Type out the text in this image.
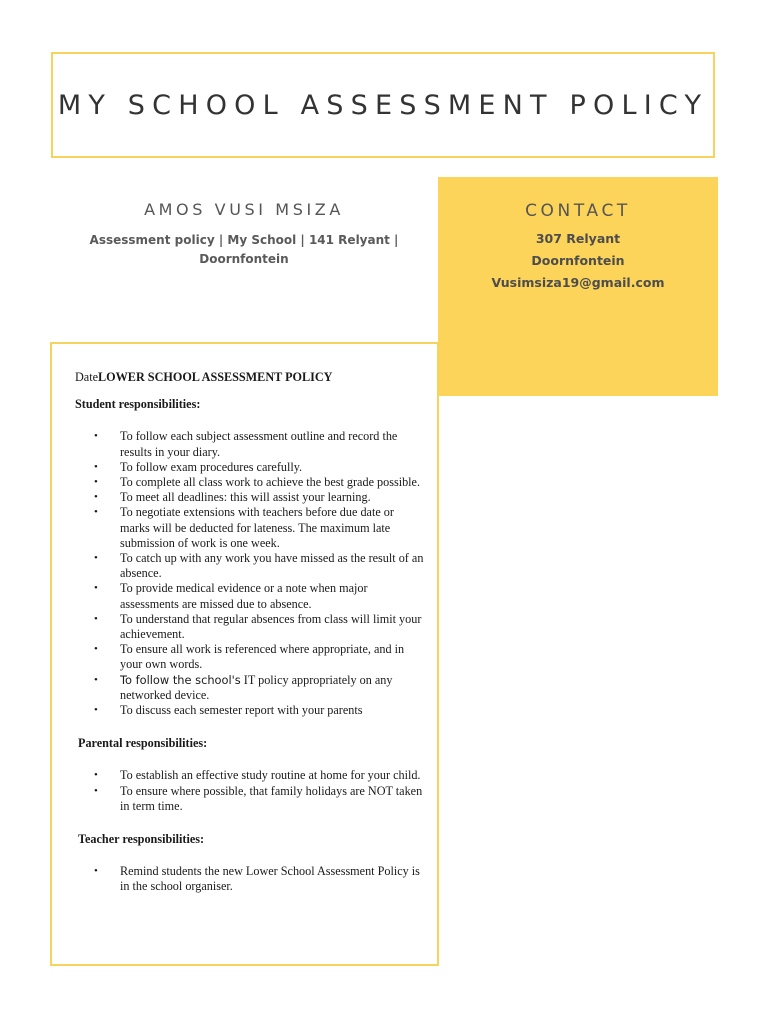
MY SCHOOL ASSESSMENT POLICY
AMOS VUSI MSIZA
Assessment policy | My School | 141 Relyant |
Doornfontein
CONTACT
307 Relyant
Doornfontein
Vusimsiza19@gmail.com
DateLOWER SCHOOL ASSESSMENT POLICY
Student responsibilities:
• To follow each subject assessment outline and record the results in your diary.
• To follow exam procedures carefully.
• To complete all class work to achieve the best grade possible.
• To meet all deadlines: this will assist your learning.
• To negotiate extensions with teachers before due date or marks will be deducted for lateness. The maximum late submission of work is one week.
• To catch up with any work you have missed as the result of an absence.
• To provide medical evidence or a note when major assessments are missed due to absence.
• To understand that regular absences from class will limit your achievement.
• To ensure all work is referenced where appropriate, and in your own words.
• To follow the school's IT policy appropriately on any networked device.
• To discuss each semester report with your parents
Parental responsibilities:
• To establish an effective study routine at home for your child.
• To ensure where possible, that family holidays are NOT taken in term time.
Teacher responsibilities:
• Remind students the new Lower School Assessment Policy is in the school organiser.
